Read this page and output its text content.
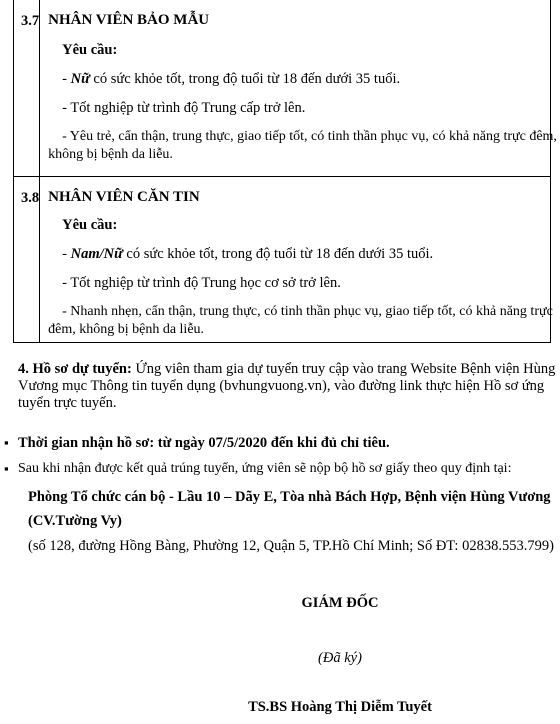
3.7 NHÂN VIÊN BẢO MẪU

Yêu cầu:

- Nữ có sức khỏe tốt, trong độ tuổi từ 18 đến dưới 35 tuổi.

- Tốt nghiệp từ trình độ Trung cấp trở lên.

- Yêu trẻ, cẩn thận, trung thực, giao tiếp tốt, có tinh thần phục vụ, có khả năng trực đêm,

không bị bệnh da liễu.

3.8 NHÂN VIÊN CĂN TIN

Yêu cầu:

- Nam/Nữ có sức khỏe tốt, trong độ tuổi từ 18 đến dưới 35 tuổi.

- Tốt nghiệp từ trình độ Trung học cơ sở trở lên.

- Nhanh nhẹn, cẩn thận, trung thực, có tinh thần phục vụ, giao tiếp tốt, có khả năng trực

đêm, không bị bệnh da liễu.

4. Hồ sơ dự tuyển: Ứng viên tham gia dự tuyển truy cập vào trang Website Bệnh viện Hùng

Vương mục Thông tin tuyển dụng (bvhungvuong.vn), vào đường link thực hiện Hồ sơ ứng

tuyển trực tuyến.

▪ Thời gian nhận hồ sơ: từ ngày 07/5/2020 đến khi đủ chỉ tiêu.

▪ Sau khi nhận được kết quả trúng tuyển, ứng viên sẽ nộp bộ hồ sơ giấy theo quy định tại:

Phòng Tổ chức cán bộ - Lầu 10 – Dãy E, Tòa nhà Bách Hợp, Bệnh viện Hùng Vương

(CV.Tường Vy)

(số 128, đường Hồng Bàng, Phường 12, Quận 5, TP.Hồ Chí Minh; Số ĐT: 02838.553.799)

GIÁM ĐỐC

(Đã ký)

TS.BS Hoàng Thị Diễm Tuyết
